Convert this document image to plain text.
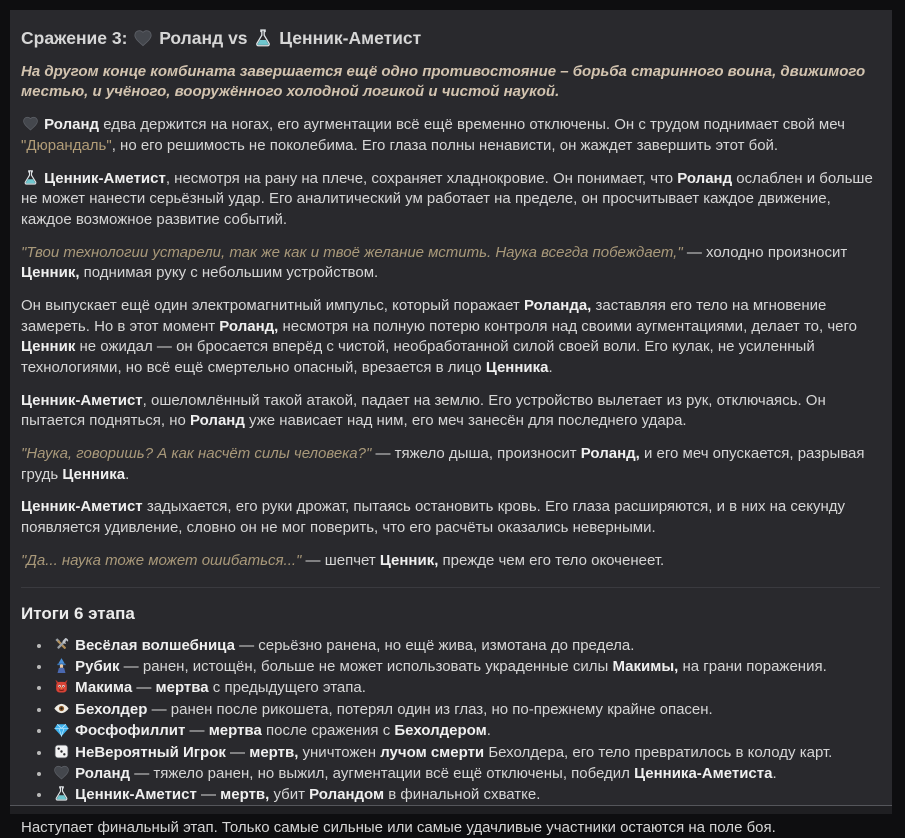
Сражение 3:
Роланд vs
Ценник-Аметист

На другом конце комбината завершается ещё одно противостояние – борьба старинного воина, движимого местью, и учёного, вооружённого холодной логикой и чистой наукой.

Роланд едва держится на ногах, его аугментации всё ещё временно отключены. Он с трудом поднимает свой меч "Дюрандаль", но его решимость не поколебима. Его глаза полны ненависти, он жаждет завершить этот бой.

Ценник-Аметист, несмотря на рану на плече, сохраняет хладнокровие. Он понимает, что Роланд ослаблен и больше не может нанести серьёзный удар. Его аналитический ум работает на пределе, он просчитывает каждое движение, каждое возможное развитие событий.

"Твои технологии устарели, так же как и твоё желание мстить. Наука всегда побеждает," — холодно произносит Ценник, поднимая руку с небольшим устройством.

Он выпускает ещё один электромагнитный импульс, который поражает Роланда, заставляя его тело на мгновение замереть. Но в этот момент Роланд, несмотря на полную потерю контроля над своими аугментациями, делает то, чего Ценник не ожидал — он бросается вперёд с чистой, необработанной силой своей воли. Его кулак, не усиленный технологиями, но всё ещё смертельно опасный, врезается в лицо Ценника.

Ценник-Аметист, ошеломлённый такой атакой, падает на землю. Его устройство вылетает из рук, отключаясь. Он пытается подняться, но Роланд уже нависает над ним, его меч занесён для последнего удара.

"Наука, говоришь? А как насчёт силы человека?" — тяжело дыша, произносит Роланд, и его меч опускается, разрывая грудь Ценника.

Ценник-Аметист задыхается, его руки дрожат, пытаясь остановить кровь. Его глаза расширяются, и в них на секунду появляется удивление, словно он не мог поверить, что его расчёты оказались неверными.

"Да... наука тоже может ошибаться..." — шепчет Ценник, прежде чем его тело окоченеет.

Итоги 6 этапа
• Весёлая волшебница — серьёзно ранена, но ещё жива, измотана до предела.
• Рубик — ранен, истощён, больше не может использовать украденные силы Макимы, на грани поражения.
• Макима — мертва с предыдущего этапа.
• Бехолдер — ранен после рикошета, потерял один из глаз, но по-прежнему крайне опасен.
• Фосфофиллит — мертва после сражения с Бехолдером.
• НеВероятный Игрок — мертв, уничтожен лучом смерти Бехолдера, его тело превратилось в колоду карт.
• Роланд — тяжело ранен, но выжил, аугментации всё ещё отключены, победил Ценника-Аметиста.
• Ценник-Аметист — мертв, убит Роландом в финальной схватке.

Наступает финальный этап. Только самые сильные или самые удачливые участники остаются на поле боя.
